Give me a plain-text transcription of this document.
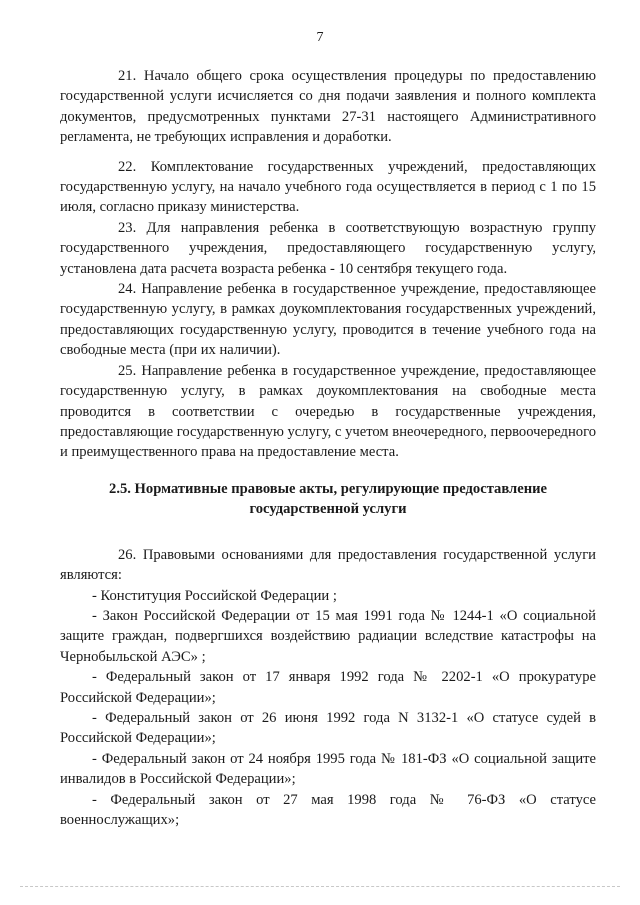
7

21. Начало общего срока осуществления процедуры по предоставлению государственной услуги исчисляется со дня подачи заявления и полного комплекта документов, предусмотренных пунктами 27-31 настоящего Административного регламента, не требующих исправления и доработки.

22. Комплектование государственных учреждений, предоставляющих государственную услугу, на начало учебного года осуществляется в период с 1 по 15 июля, согласно приказу министерства.

23. Для направления ребенка в соответствующую возрастную группу государственного учреждения, предоставляющего государственную услугу, установлена дата расчета возраста ребенка - 10 сентября текущего года.

24. Направление ребенка в государственное учреждение, предоставляющее государственную услугу, в рамках доукомплектования государственных учреждений, предоставляющих государственную услугу, проводится в течение учебного года на свободные места (при их наличии).

25. Направление ребенка в государственное учреждение, предоставляющее государственную услугу, в рамках доукомплектования на свободные места проводится в соответствии с очередью в государственные учреждения, предоставляющие государственную услугу, с учетом внеочередного, первоочередного и преимущественного права на предоставление места.

2.5. Нормативные правовые акты, регулирующие предоставление государственной услуги

26. Правовыми основаниями для предоставления государственной услуги являются:

- Конституция Российской Федерации ;

- Закон Российской Федерации от 15 мая 1991 года № 1244-1 «О социальной защите граждан, подвергшихся воздействию радиации вследствие катастрофы на Чернобыльской АЭС» ;

- Федеральный закон от 17 января 1992 года № 2202-1 «О прокуратуре Российской Федерации»;

- Федеральный закон от 26 июня 1992 года N 3132-1 «О статусе судей в Российской Федерации»;

- Федеральный закон от 24 ноября 1995 года № 181-ФЗ «О социальной защите инвалидов в Российской Федерации»;

- Федеральный закон от 27 мая 1998 года № 76-ФЗ «О статусе военнослужащих»;
